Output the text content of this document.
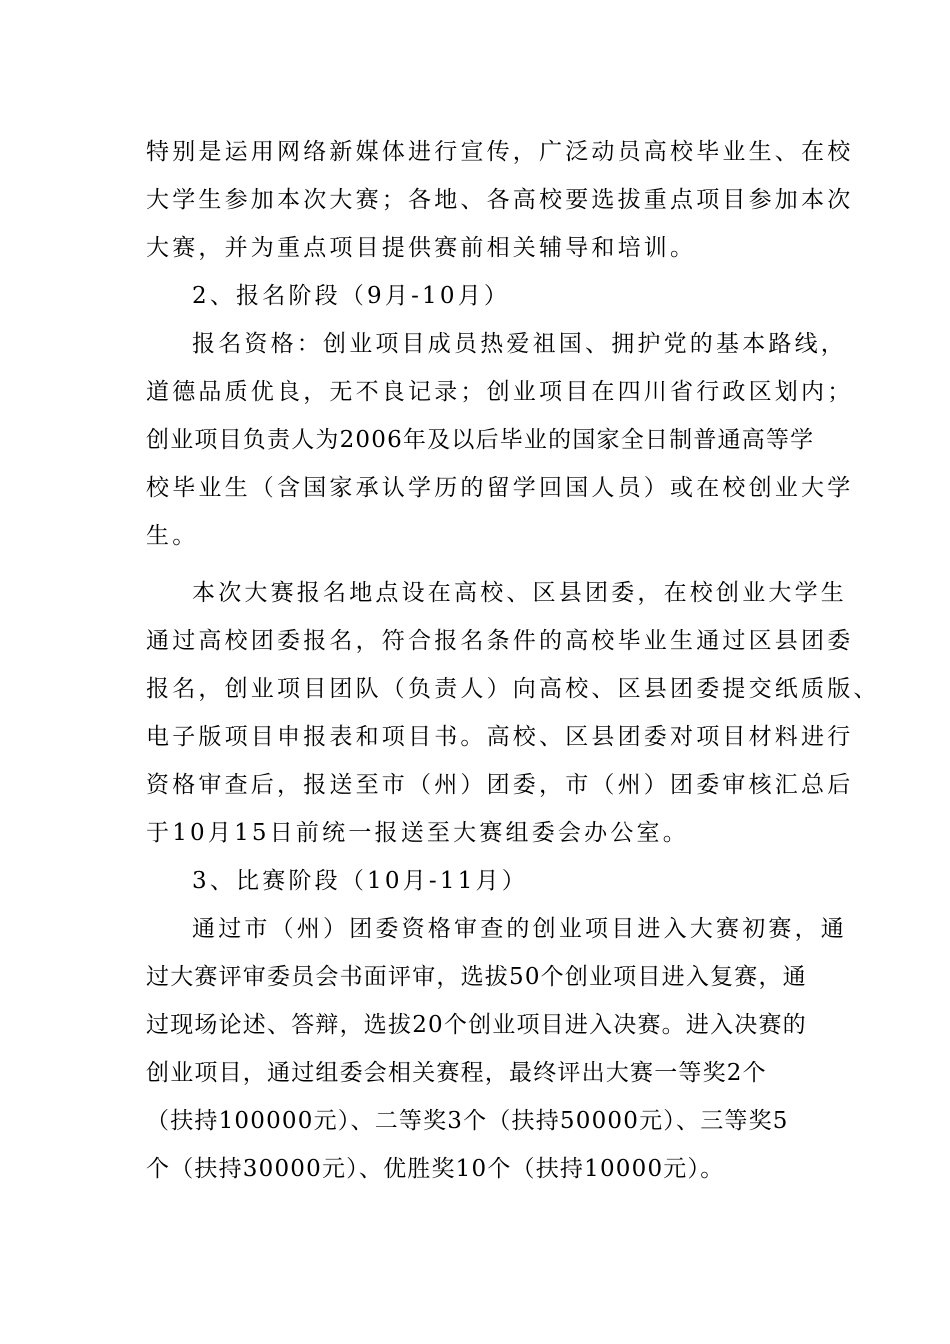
特别是运用网络新媒体进行宣传，广泛动员高校毕业生、在校
大学生参加本次大赛；各地、各高校要选拔重点项目参加本次
大赛，并为重点项目提供赛前相关辅导和培训。
2、报名阶段（9月-10月）
报名资格：创业项目成员热爱祖国、拥护党的基本路线，
道德品质优良，无不良记录；创业项目在四川省行政区划内；
创业项目负责人为2006年及以后毕业的国家全日制普通高等学
校毕业生（含国家承认学历的留学回国人员）或在校创业大学
生。
本次大赛报名地点设在高校、区县团委，在校创业大学生
通过高校团委报名，符合报名条件的高校毕业生通过区县团委
报名，创业项目团队（负责人）向高校、区县团委提交纸质版、
电子版项目申报表和项目书。高校、区县团委对项目材料进行
资格审查后，报送至市（州）团委，市（州）团委审核汇总后
于10月15日前统一报送至大赛组委会办公室。
3、比赛阶段（10月-11月）
通过市（州）团委资格审查的创业项目进入大赛初赛，通
过大赛评审委员会书面评审，选拔50个创业项目进入复赛，通
过现场论述、答辩，选拔20个创业项目进入决赛。进入决赛的
创业项目，通过组委会相关赛程，最终评出大赛一等奖2个
（扶持100000元）、二等奖3个（扶持50000元）、三等奖5
个（扶持30000元）、优胜奖10个（扶持10000元）。
